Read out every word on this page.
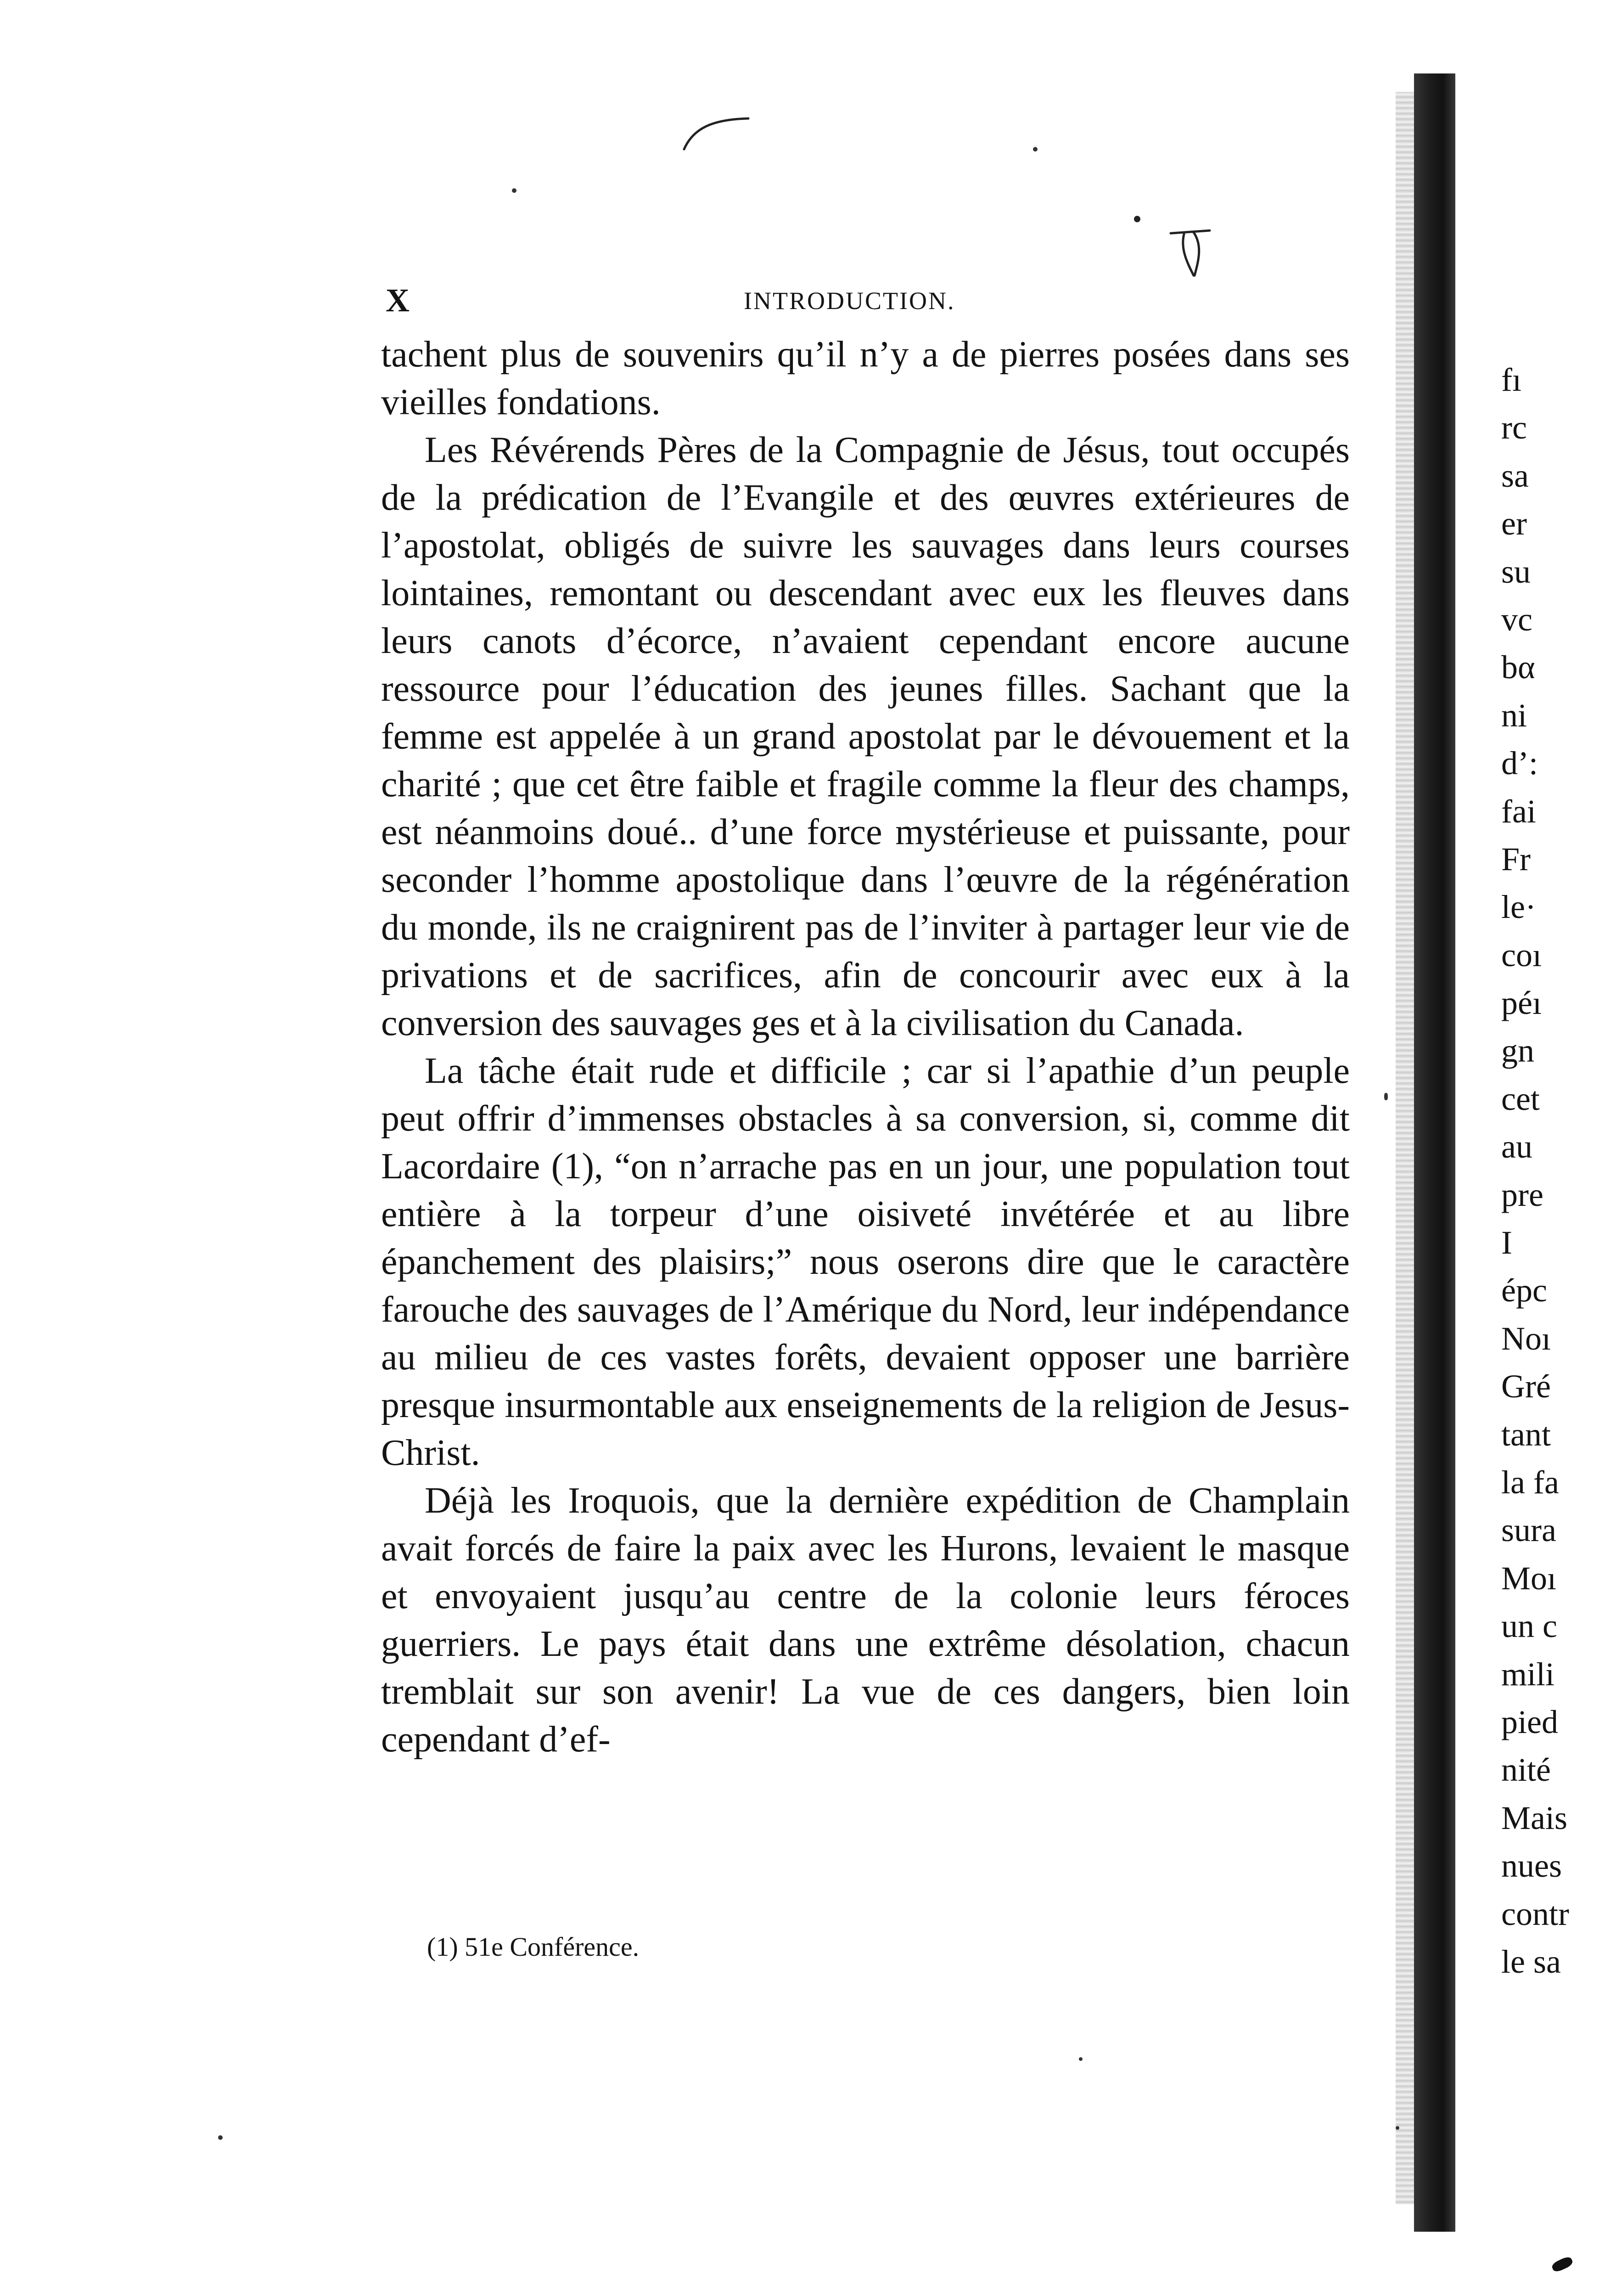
X	INTRODUCTION.

tachent plus de souvenirs qu’il n’y a de pierres posées dans ses vieilles fondations.

Les Révérends Pères de la Compagnie de Jésus, tout occupés de la prédication de l’Evangile et des œuvres extérieures de l’apostolat, obligés de suivre les sauvages dans leurs courses lointaines, remontant ou descendant avec eux les fleuves dans leurs canots d’écorce, n’avaient cependant encore aucune ressource pour l’éducation des jeunes filles. Sachant que la femme est appelée à un grand apostolat par le dévouement et la charité ; que cet être faible et fragile comme la fleur des champs, est néanmoins doué.. d’une force mystérieuse et puissante, pour seconder l’homme apostolique dans l’œuvre de la régénération du monde, ils ne craignirent pas de l’inviter à partager leur vie de privations et de sacrifices, afin de concourir avec eux à la conversion des sauvages ges et à la civilisation du Canada.

La tâche était rude et difficile ; car si l’apathie d’un peuple peut offrir d’immenses obstacles à sa conversion, si, comme dit Lacordaire (1), “on n’arrache pas en un jour, une population tout entière à la torpeur d’une oisiveté invétérée et au libre épanchement des plaisirs;” nous oserons dire que le caractère farouche des sauvages de l’Amérique du Nord, leur indépendance au milieu de ces vastes forêts, devaient opposer une barrière presque insurmontable aux enseignements de la religion de Jesus-Christ.

Déjà les Iroquois, que la dernière expédition de Champlain avait forcés de faire la paix avec les Hurons, levaient le masque et envoyaient jusqu’au centre de la colonie leurs féroces guerriers. Le pays était dans une extrême désolation, chacun tremblait sur son avenir! La vue de ces dangers, bien loin cependant d’ef-

(1) 51e Conférence.
fı
rc
sa
er
su
vc
bα
ni
d’:
fai
Fr
le·
coı
péı
gn
cet
au
pre
Ι
épc
Noı
Gré
tant
la fa
sura
Moı
un c
mili
pied
nité
Mais
nues
contr
le sa
